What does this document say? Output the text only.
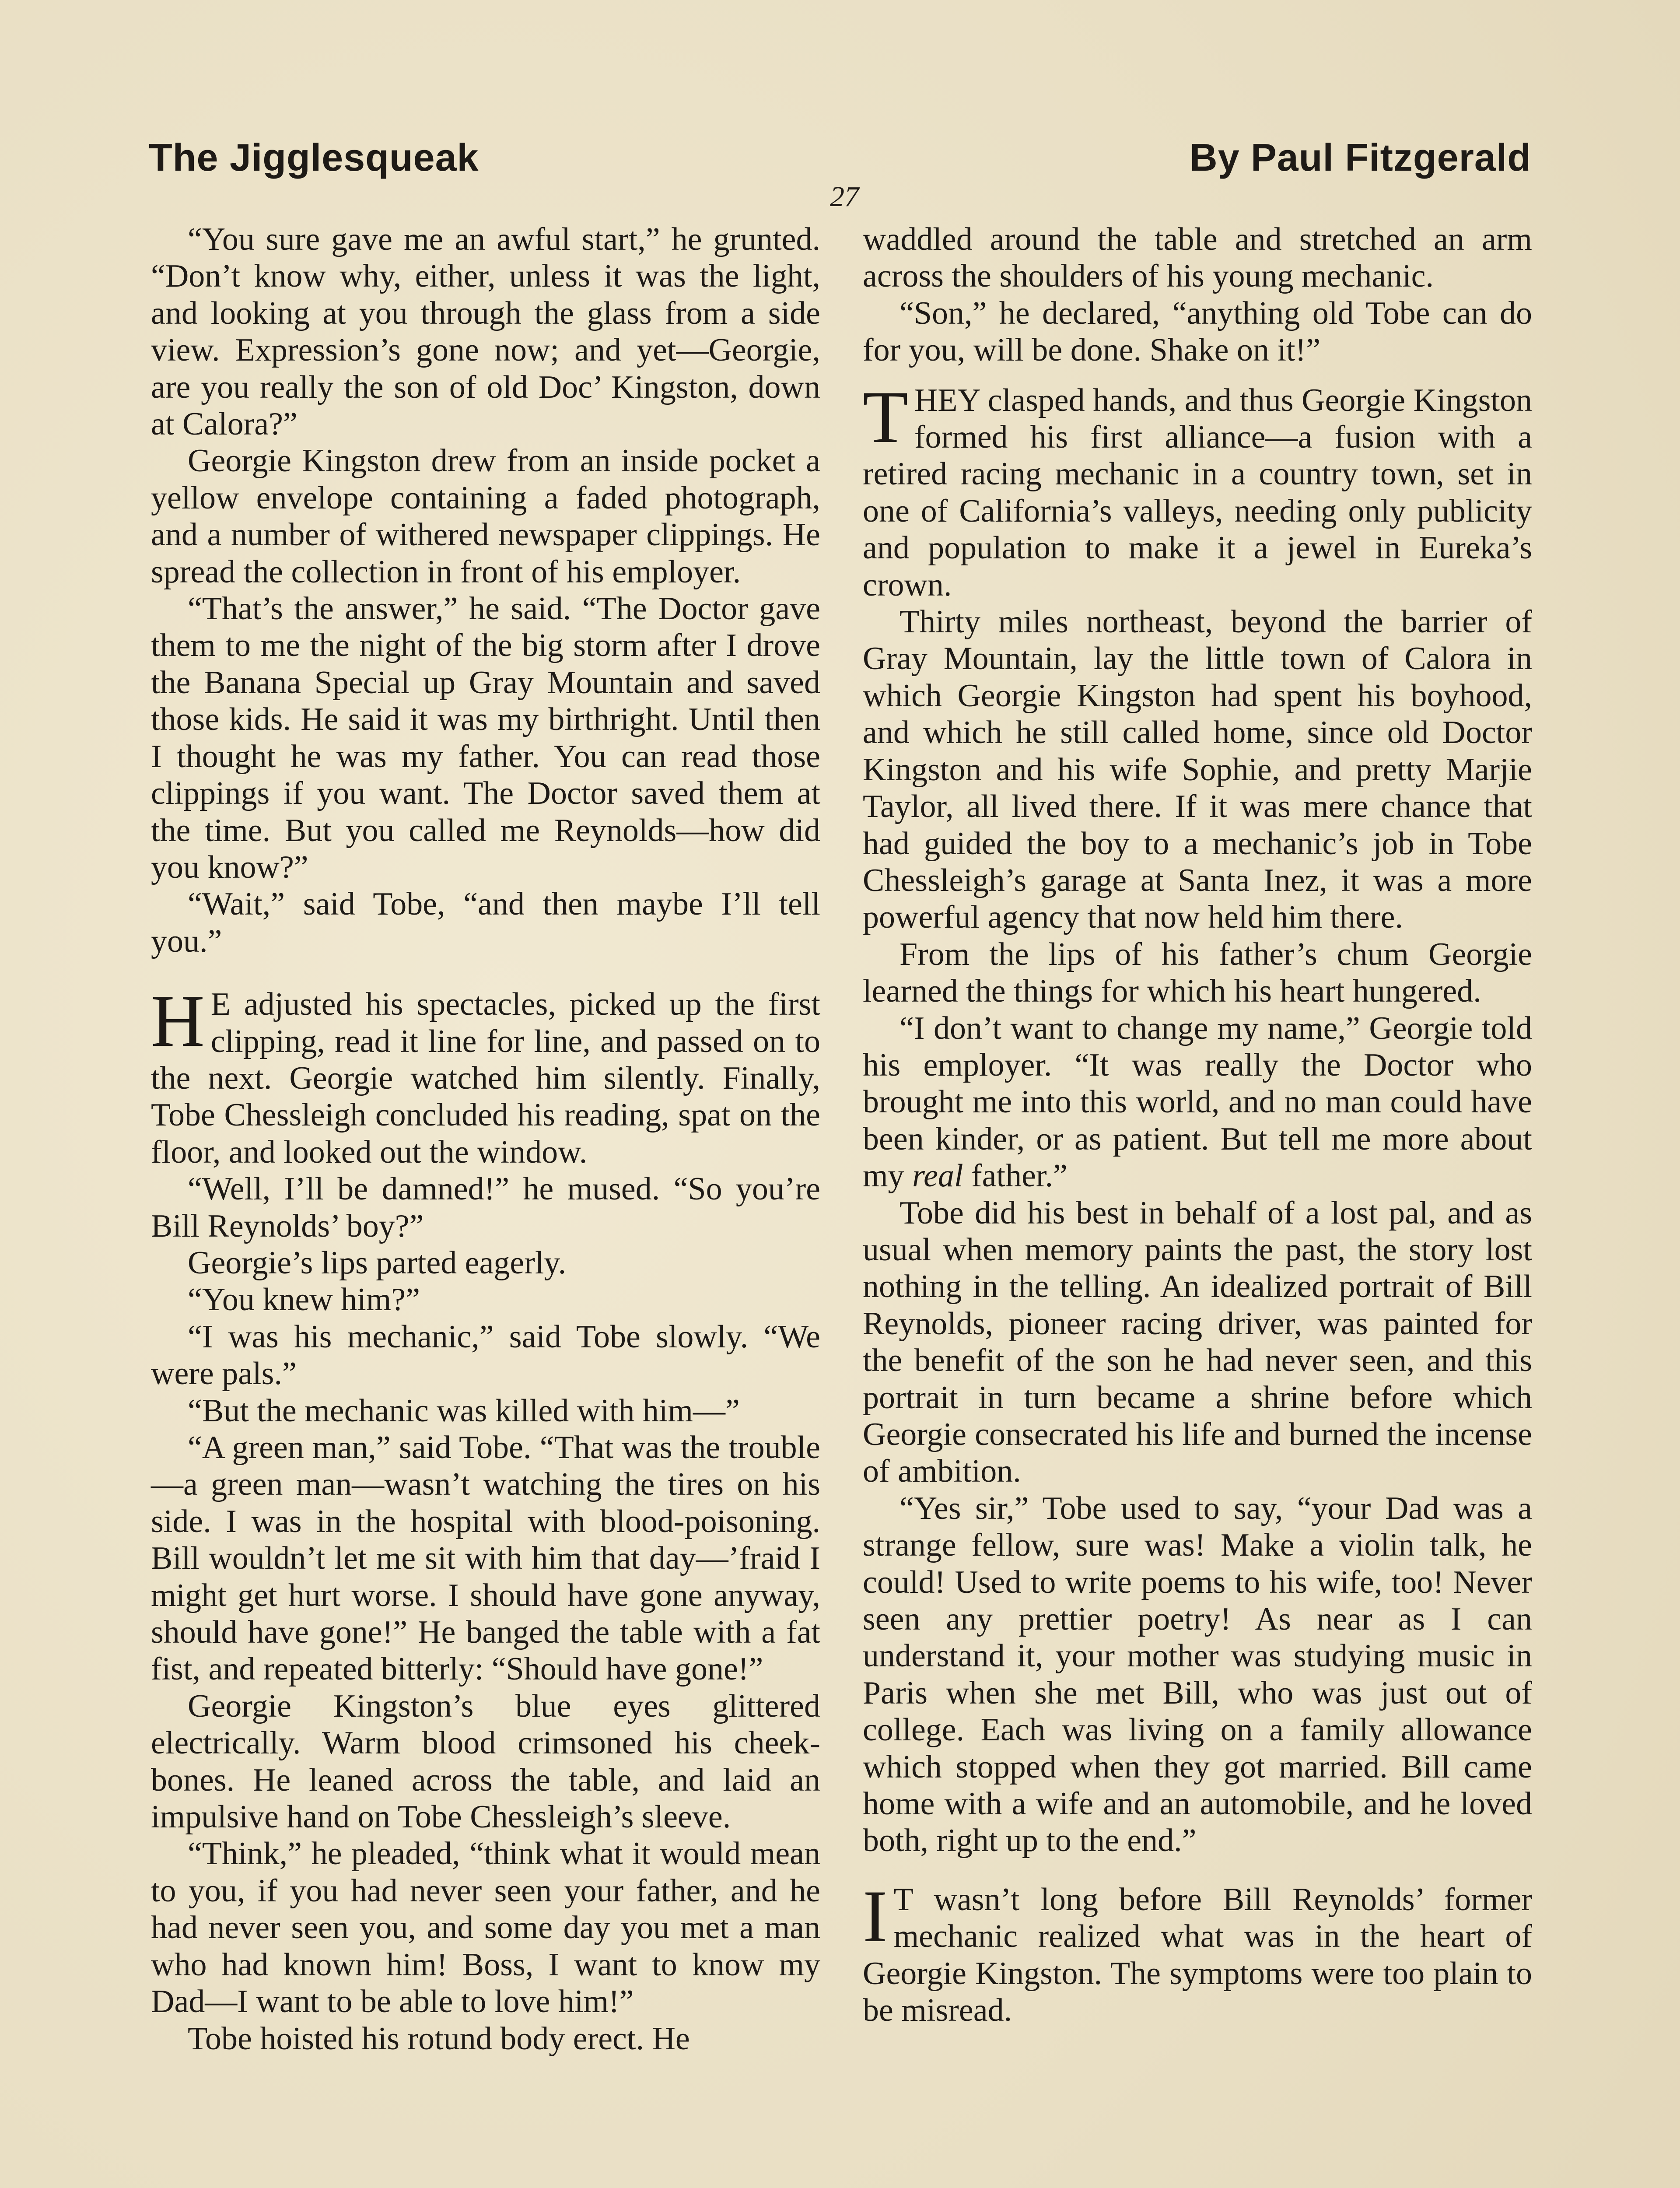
The Jigglesqueak	By Paul Fitzgerald
27

“You sure gave me an awful start,” he grunted. “Don’t know why, either, unless it was the light, and looking at you through the glass from a side view. Expression’s gone now; and yet—Georgie, are you really the son of old Doc’ Kingston, down at Calora?”

Georgie Kingston drew from an inside pocket a yellow envelope containing a faded photograph, and a number of withered newspaper clippings. He spread the collection in front of his employer.

“That’s the answer,” he said. “The Doctor gave them to me the night of the big storm after I drove the Banana Special up Gray Mountain and saved those kids. He said it was my birthright. Until then I thought he was my father. You can read those clippings if you want. The Doctor saved them at the time. But you called me Reynolds—how did you know?”

“Wait,” said Tobe, “and then maybe I’ll tell you.”

H E adjusted his spectacles, picked up the first clipping, read it line for line, and passed on to the next. Georgie watched him silently. Finally, Tobe Chessleigh concluded his reading, spat on the floor, and looked out the window.

“Well, I’ll be damned!” he mused. “So you’re Bill Reynolds’ boy?”

Georgie’s lips parted eagerly.

“You knew him?”

“I was his mechanic,” said Tobe slowly. “We were pals.”

“But the mechanic was killed with him—”

“A green man,” said Tobe. “That was the trouble—a green man—wasn’t watching the tires on his side. I was in the hospital with blood-poisoning. Bill wouldn’t let me sit with him that day—’fraid I might get hurt worse. I should have gone anyway, should have gone!” He banged the table with a fat fist, and repeated bitterly: “Should have gone!”

Georgie Kingston’s blue eyes glittered electrically. Warm blood crimsoned his cheek-bones. He leaned across the table, and laid an impulsive hand on Tobe Chessleigh’s sleeve.

“Think,” he pleaded, “think what it would mean to you, if you had never seen your father, and he had never seen you, and some day you met a man who had known him! Boss, I want to know my Dad—I want to be able to love him!”

Tobe hoisted his rotund body erect. He

waddled around the table and stretched an arm across the shoulders of his young mechanic.

“Son,” he declared, “anything old Tobe can do for you, will be done. Shake on it!”

THEY clasped hands, and thus Georgie Kingston formed his first alliance—a fusion with a retired racing mechanic in a country town, set in one of California’s valleys, needing only publicity and population to make it a jewel in Eureka’s crown.

Thirty miles northeast, beyond the barrier of Gray Mountain, lay the little town of Calora in which Georgie Kingston had spent his boyhood, and which he still called home, since old Doctor Kingston and his wife Sophie, and pretty Marjie Taylor, all lived there. If it was mere chance that had guided the boy to a mechanic’s job in Tobe Chessleigh’s garage at Santa Inez, it was a more powerful agency that now held him there.

From the lips of his father’s chum Georgie learned the things for which his heart hungered.

“I don’t want to change my name,” Georgie told his employer. “It was really the Doctor who brought me into this world, and no man could have been kinder, or as patient. But tell me more about my real father.”

Tobe did his best in behalf of a lost pal, and as usual when memory paints the past, the story lost nothing in the telling. An idealized portrait of Bill Reynolds, pioneer racing driver, was painted for the benefit of the son he had never seen, and this portrait in turn became a shrine before which Georgie consecrated his life and burned the incense of ambition.

“Yes sir,” Tobe used to say, “your Dad was a strange fellow, sure was! Make a violin talk, he could! Used to write poems to his wife, too! Never seen any prettier poetry! As near as I can understand it, your mother was studying music in Paris when she met Bill, who was just out of college. Each was living on a family allowance which stopped when they got married. Bill came home with a wife and an automobile, and he loved both, right up to the end.”

I T wasn’t long before Bill Reynolds’ former mechanic realized what was in the heart of Georgie Kingston. The symptoms were too plain to be misread.
